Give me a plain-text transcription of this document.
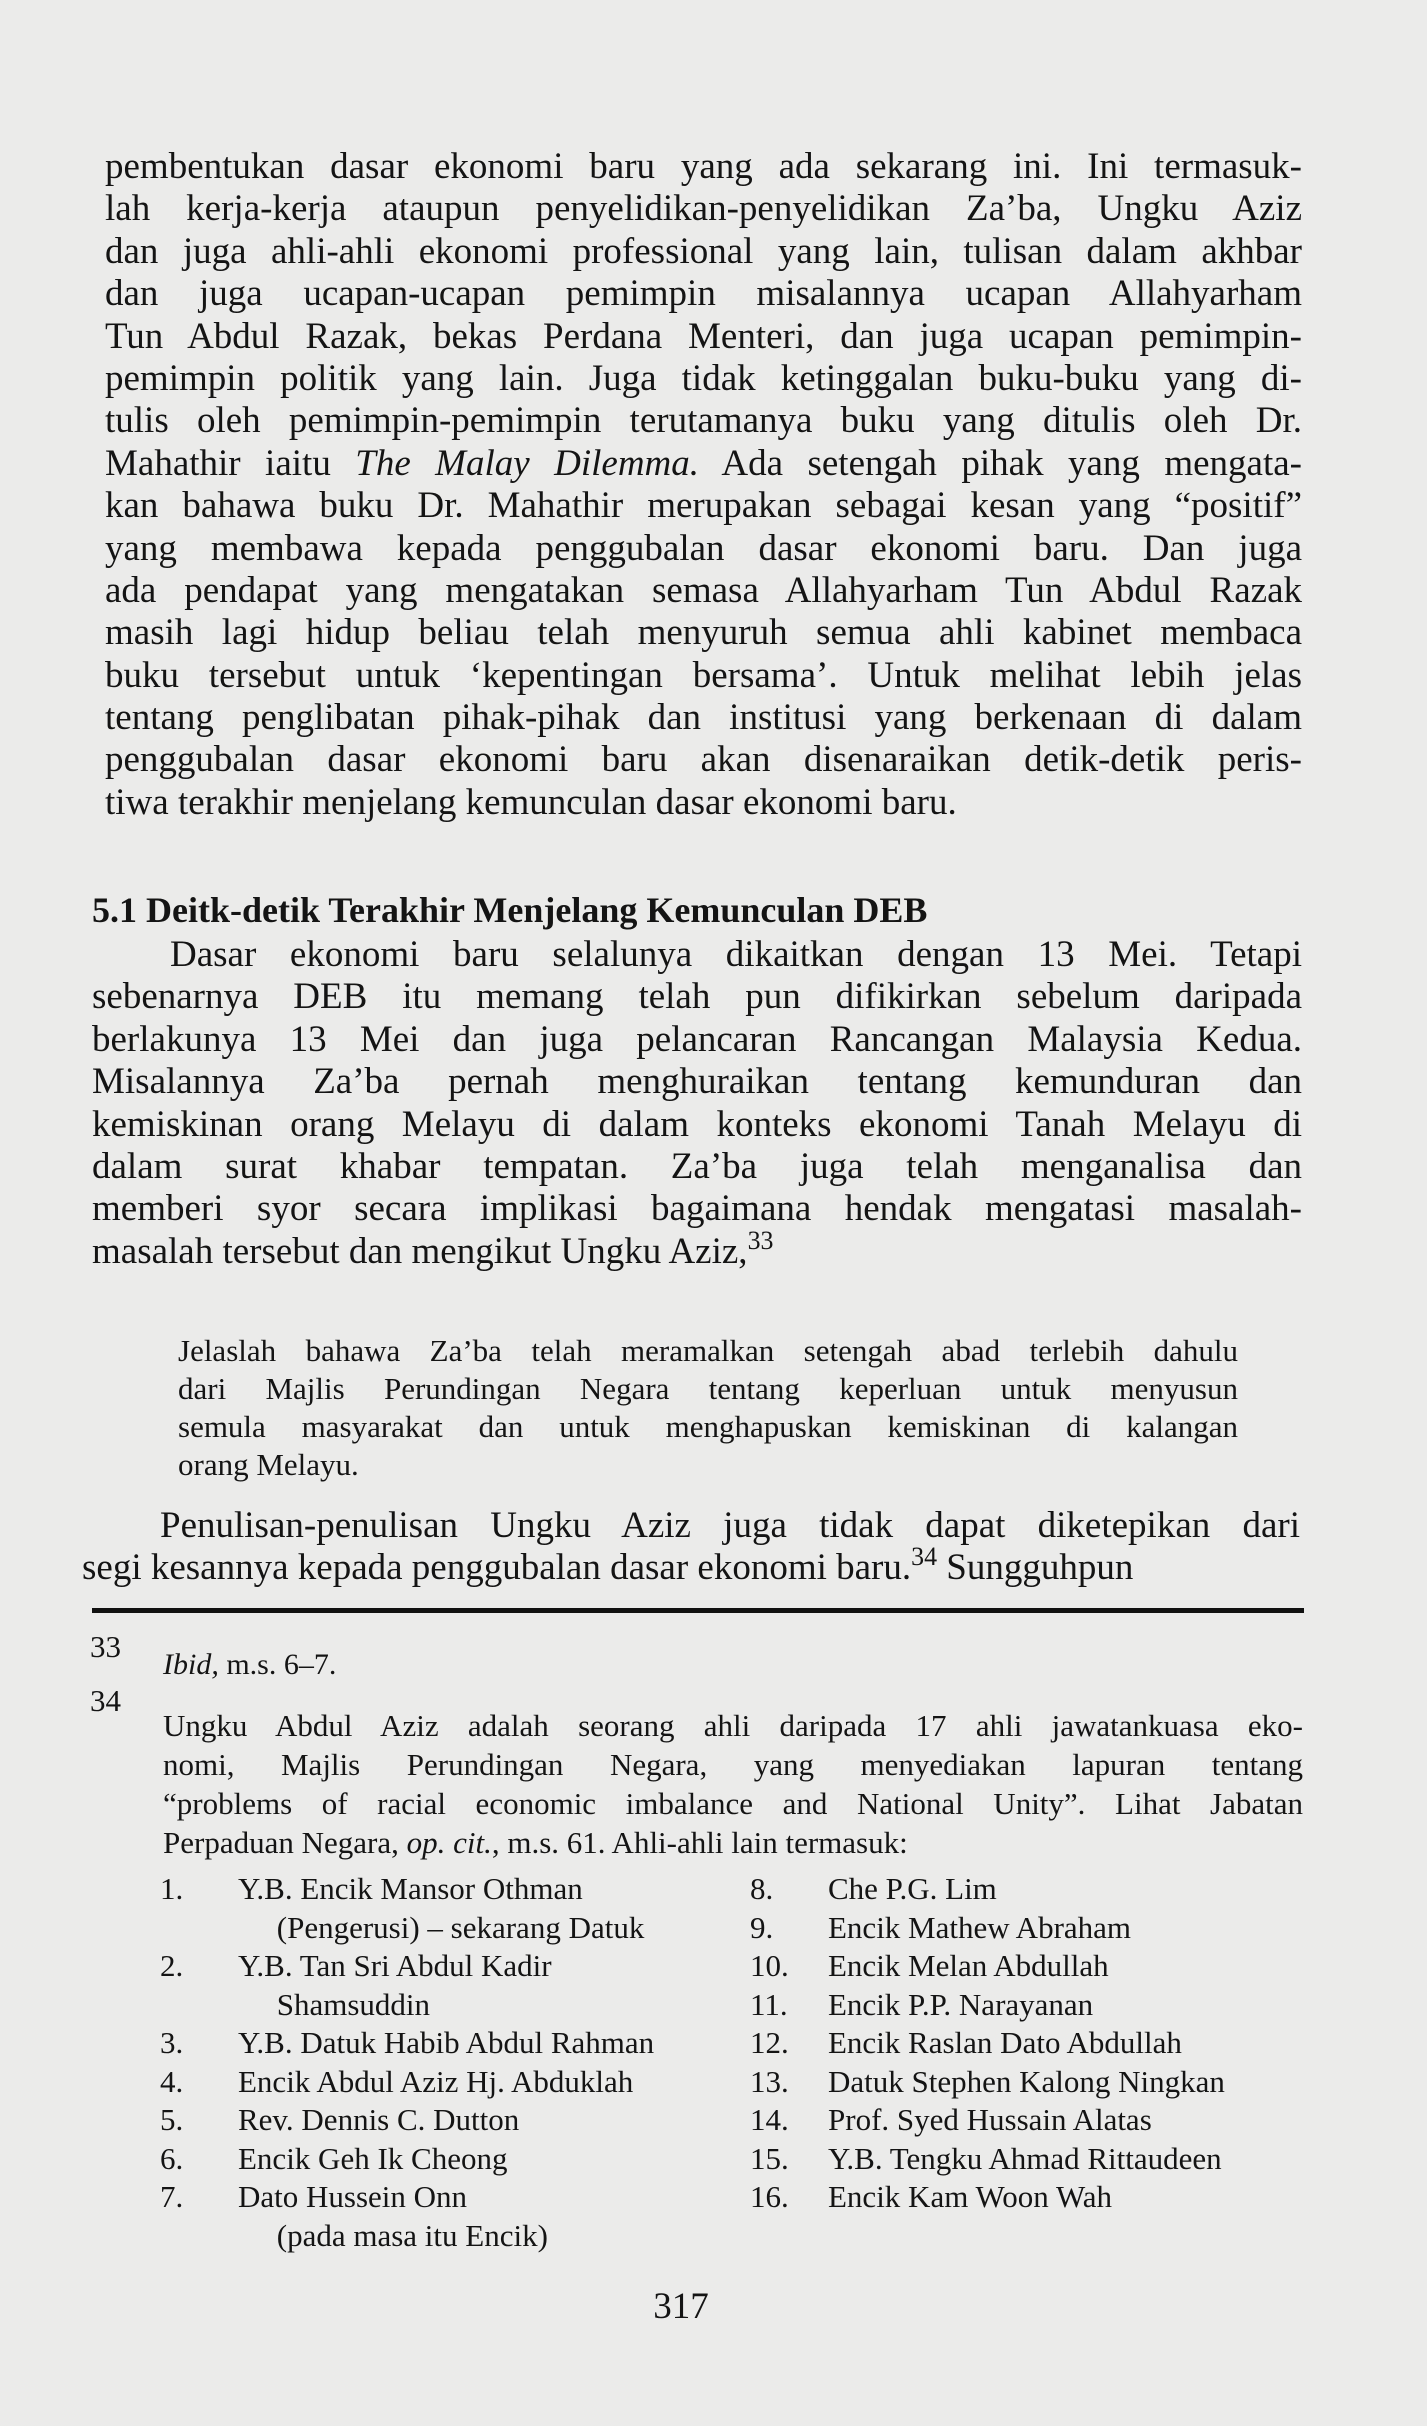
pembentukan dasar ekonomi baru yang ada sekarang ini. Ini termasuk-
lah kerja-kerja ataupun penyelidikan-penyelidikan Za’ba, Ungku Aziz
dan juga ahli-ahli ekonomi professional yang lain, tulisan dalam akhbar
dan juga ucapan-ucapan pemimpin misalannya ucapan Allahyarham
Tun Abdul Razak, bekas Perdana Menteri, dan juga ucapan pemimpin-
pemimpin politik yang lain. Juga tidak ketinggalan buku-buku yang di-
tulis oleh pemimpin-pemimpin terutamanya buku yang ditulis oleh Dr.
Mahathir iaitu The Malay Dilemma. Ada setengah pihak yang mengata-
kan bahawa buku Dr. Mahathir merupakan sebagai kesan yang “positif”
yang membawa kepada penggubalan dasar ekonomi baru. Dan juga
ada pendapat yang mengatakan semasa Allahyarham Tun Abdul Razak
masih lagi hidup beliau telah menyuruh semua ahli kabinet membaca
buku tersebut untuk ‘kepentingan bersama’. Untuk melihat lebih jelas
tentang penglibatan pihak-pihak dan institusi yang berkenaan di dalam
penggubalan dasar ekonomi baru akan disenaraikan detik-detik peris-
tiwa terakhir menjelang kemunculan dasar ekonomi baru.
5.1 Deitk-detik Terakhir Menjelang Kemunculan DEB
Dasar ekonomi baru selalunya dikaitkan dengan 13 Mei. Tetapi
sebenarnya DEB itu memang telah pun difikirkan sebelum daripada
berlakunya 13 Mei dan juga pelancaran Rancangan Malaysia Kedua.
Misalannya Za’ba pernah menghuraikan tentang kemunduran dan
kemiskinan orang Melayu di dalam konteks ekonomi Tanah Melayu di
dalam surat khabar tempatan. Za’ba juga telah menganalisa dan
memberi syor secara implikasi bagaimana hendak mengatasi masalah-
masalah tersebut dan mengikut Ungku Aziz,$^{33}$
Jelaslah bahawa Za’ba telah meramalkan setengah abad terlebih dahulu
dari Majlis Perundingan Negara tentang keperluan untuk menyusun
semula masyarakat dan untuk menghapuskan kemiskinan di kalangan
orang Melayu.
Penulisan-penulisan Ungku Aziz juga tidak dapat diketepikan dari
segi kesannya kepada penggubalan dasar ekonomi baru.$^{34}$ Sungguhpun
33
Ibid, m.s. 6–7.
34
Ungku Abdul Aziz adalah seorang ahli daripada 17 ahli jawatankuasa eko-
nomi, Majlis Perundingan Negara, yang menyediakan lapuran tentang
“problems of racial economic imbalance and National Unity”. Lihat Jabatan
Perpaduan Negara, op. cit., m.s. 61. Ahli-ahli lain termasuk:
1. Y.B. Encik Mansor Othman	8. Che P.G. Lim
(Pengerusi) – sekarang Datuk	9. Encik Mathew Abraham
2. Y.B. Tan Sri Abdul Kadir	10. Encik Melan Abdullah
Shamsuddin	11. Encik P.P. Narayanan
3. Y.B. Datuk Habib Abdul Rahman	12. Encik Raslan Dato Abdullah
4. Encik Abdul Aziz Hj. Abduklah	13. Datuk Stephen Kalong Ningkan
5. Rev. Dennis C. Dutton	14. Prof. Syed Hussain Alatas
6. Encik Geh Ik Cheong	15. Y.B. Tengku Ahmad Rittaudeen
7. Dato Hussein Onn	16. Encik Kam Woon Wah
(pada masa itu Encik)
317
